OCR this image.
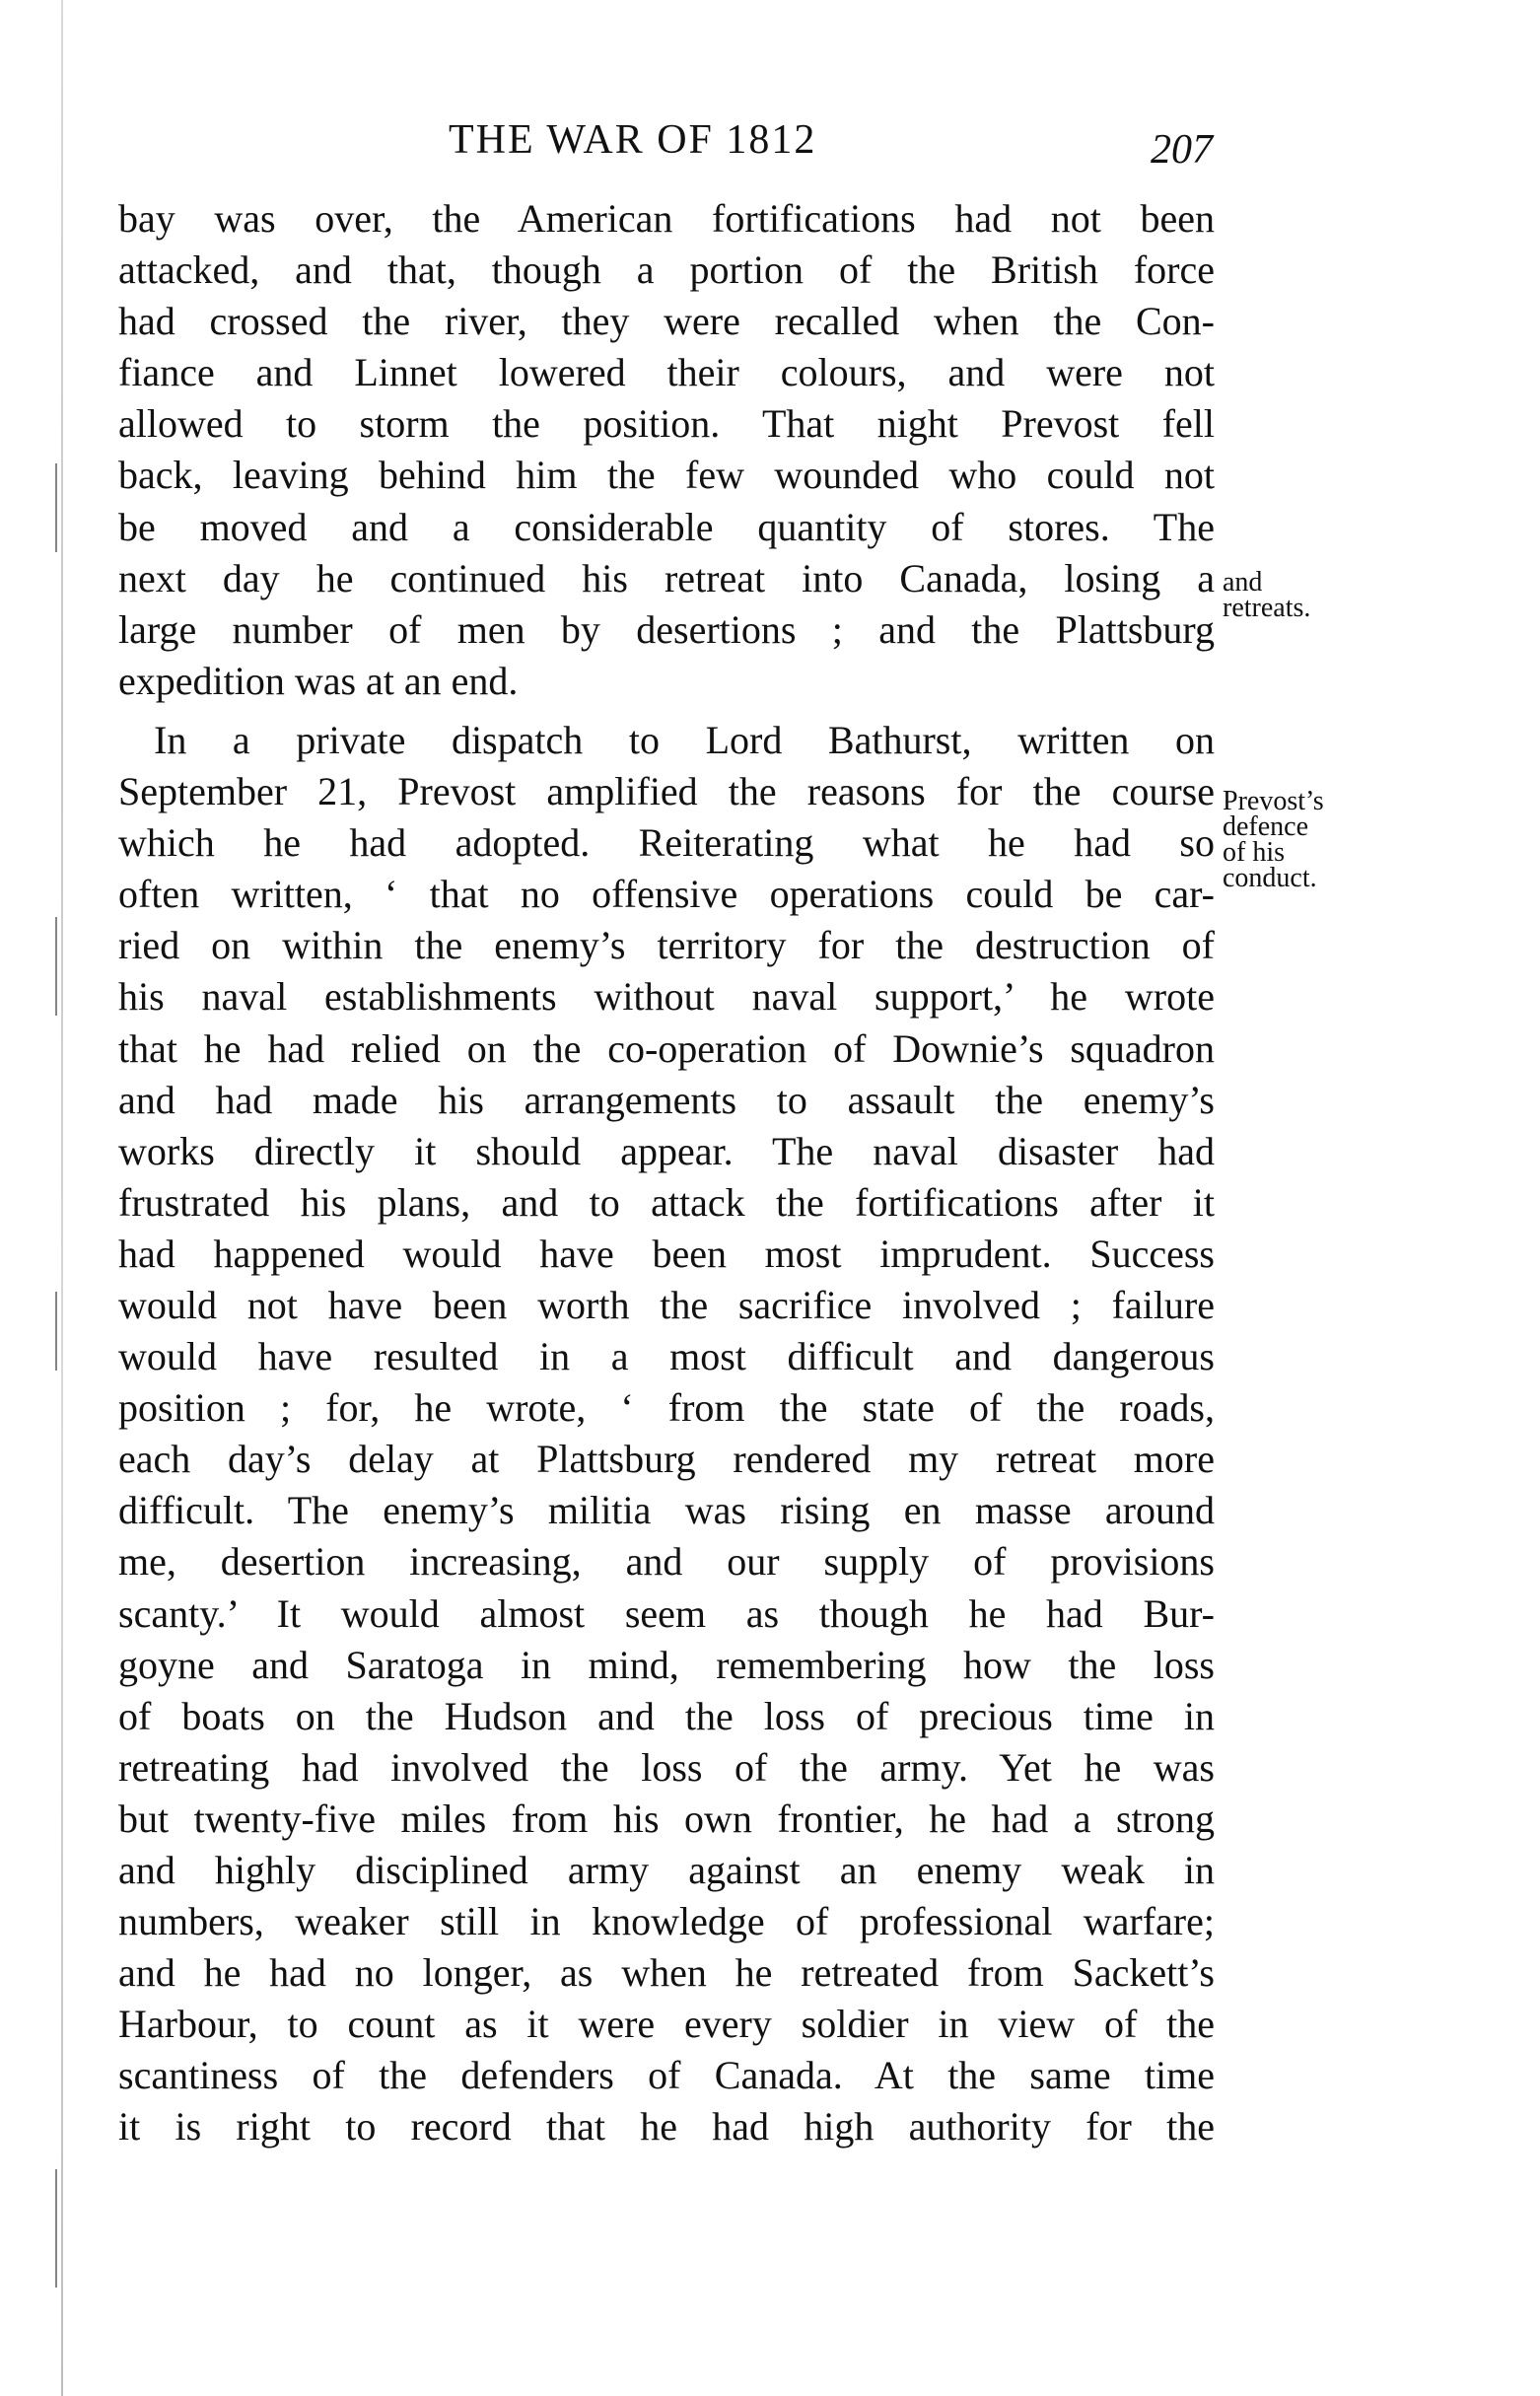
THE WAR OF 1812	207
bay was over, the American fortifications had not been
attacked, and that, though a portion of the British force
had crossed the river, they were recalled when the Con-
fiance and Linnet lowered their colours, and were not
allowed to storm the position. That night Prevost fell
back, leaving behind him the few wounded who could not
be moved and a considerable quantity of stores. The
next day he continued his retreat into Canada, losing a
large number of men by desertions ; and the Plattsburg
expedition was at an end.
In a private dispatch to Lord Bathurst, written on
September 21, Prevost amplified the reasons for the course
which he had adopted. Reiterating what he had so
often written, ‘ that no offensive operations could be car-
ried on within the enemy’s territory for the destruction of
his naval establishments without naval support,’ he wrote
that he had relied on the co-operation of Downie’s squadron
and had made his arrangements to assault the enemy’s
works directly it should appear. The naval disaster had
frustrated his plans, and to attack the fortifications after it
had happened would have been most imprudent. Success
would not have been worth the sacrifice involved ; failure
would have resulted in a most difficult and dangerous
position ; for, he wrote, ‘ from the state of the roads,
each day’s delay at Plattsburg rendered my retreat more
difficult. The enemy’s militia was rising en masse around
me, desertion increasing, and our supply of provisions
scanty.’ It would almost seem as though he had Bur-
goyne and Saratoga in mind, remembering how the loss
of boats on the Hudson and the loss of precious time in
retreating had involved the loss of the army. Yet he was
but twenty-five miles from his own frontier, he had a strong
and highly disciplined army against an enemy weak in
numbers, weaker still in knowledge of professional warfare;
and he had no longer, as when he retreated from Sackett’s
Harbour, to count as it were every soldier in view of the
scantiness of the defenders of Canada. At the same time
it is right to record that he had high authority for the
and
retreats.
Prevost’s
defence
of his
conduct.
